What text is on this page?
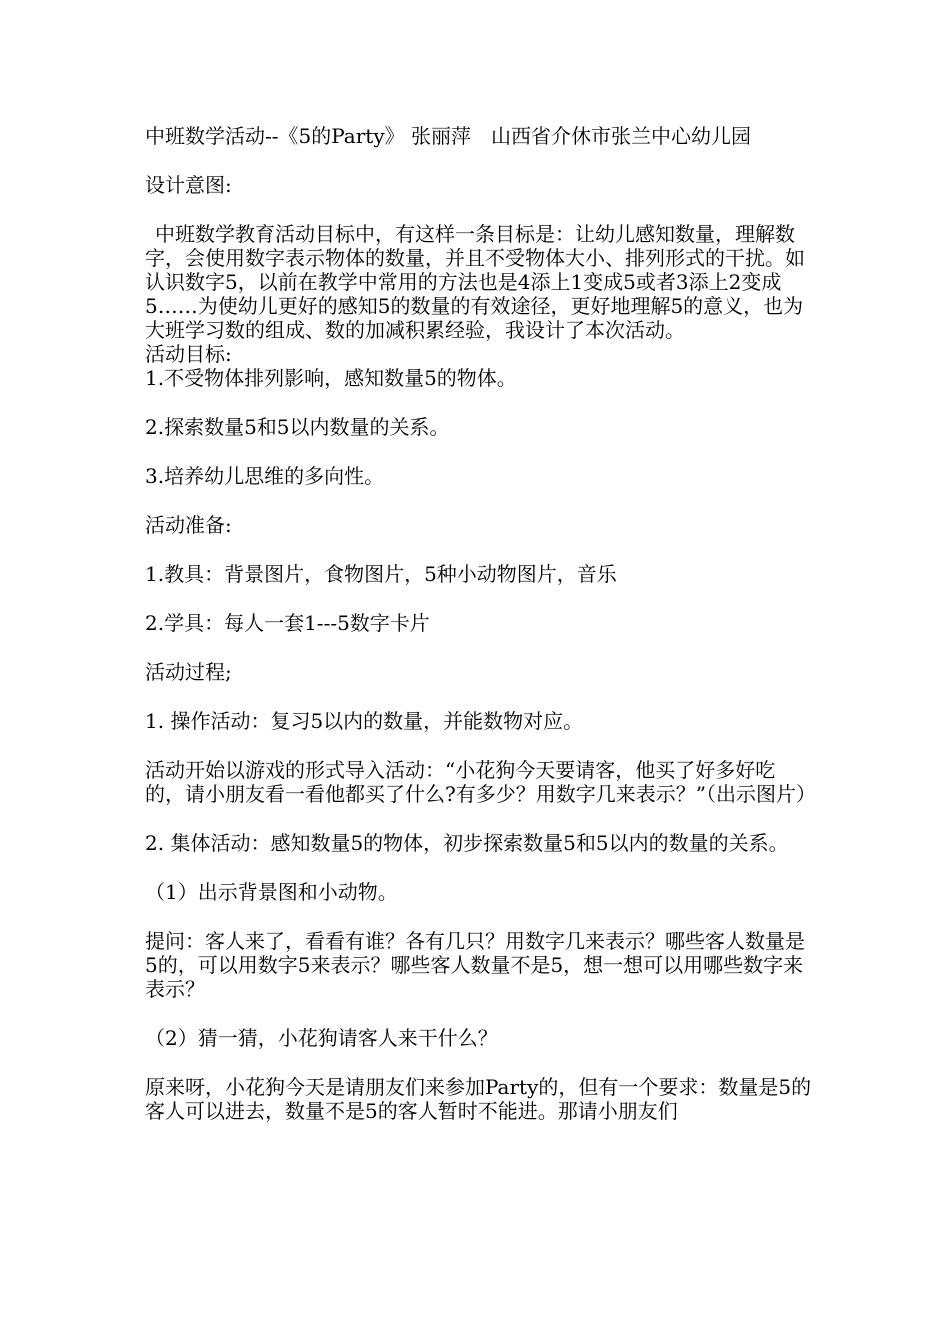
中班数学活动--《5的Party》 张丽萍　山西省介休市张兰中心幼儿园

设计意图:

中班数学教育活动目标中，有这样一条目标是：让幼儿感知数量，理解数字，会使用数字表示物体的数量，并且不受物体大小、排列形式的干扰。如认识数字5，以前在教学中常用的方法也是4添上1变成5或者3添上2变成5……为使幼儿更好的感知5的数量的有效途径，更好地理解5的意义，也为大班学习数的组成、数的加减积累经验，我设计了本次活动。

活动目标:

1.不受物体排列影响，感知数量5的物体。

2.探索数量5和5以内数量的关系。

3.培养幼儿思维的多向性。

活动准备:

1.教具：背景图片，食物图片，5种小动物图片，音乐

2.学具：每人一套1---5数字卡片

活动过程;

1. 操作活动：复习5以内的数量，并能数物对应。

活动开始以游戏的形式导入活动：“小花狗今天要请客，他买了好多好吃的，请小朋友看一看他都买了什么?有多少？用数字几来表示？”（出示图片）

2. 集体活动：感知数量5的物体，初步探索数量5和5以内的数量的关系。

（1）出示背景图和小动物。

提问：客人来了，看看有谁？各有几只？用数字几来表示？哪些客人数量是5的，可以用数字5来表示？哪些客人数量不是5，想一想可以用哪些数字来表示？

（2）猜一猜，小花狗请客人来干什么？

原来呀，小花狗今天是请朋友们来参加Party的，但有一个要求：数量是5的客人可以进去，数量不是5的客人暂时不能进。那请小朋友们
